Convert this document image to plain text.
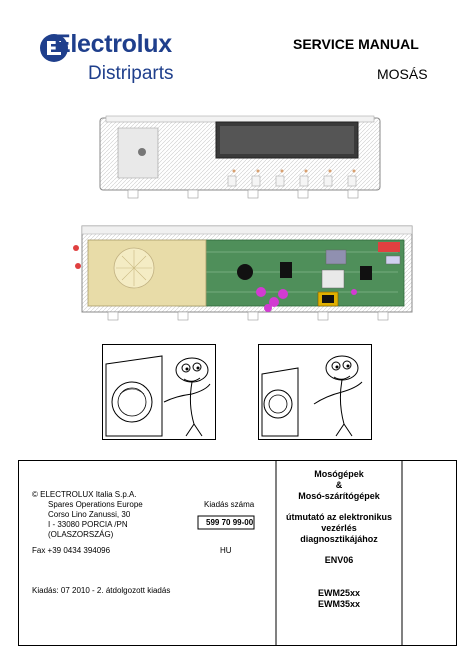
Electrolux
Distriparts
SERVICE MANUAL
MOSÁS
© ELECTROLUX Italia S.p.A.
Spares Operations Europe
Corso Lino Zanussi, 30
I - 33080 PORCIA /PN
(OLASZORSZÁG)
Fax +39 0434 394096
Kiadás: 07 2010 - 2. átdolgozott kiadás
Kiadás száma
599 70 99-00
HU
Mosógépek
&
Mosó-szárítógépek
útmutató az elektronikus
vezérlés
diagnosztikájához
ENV06
EWM25xx
EWM35xx
